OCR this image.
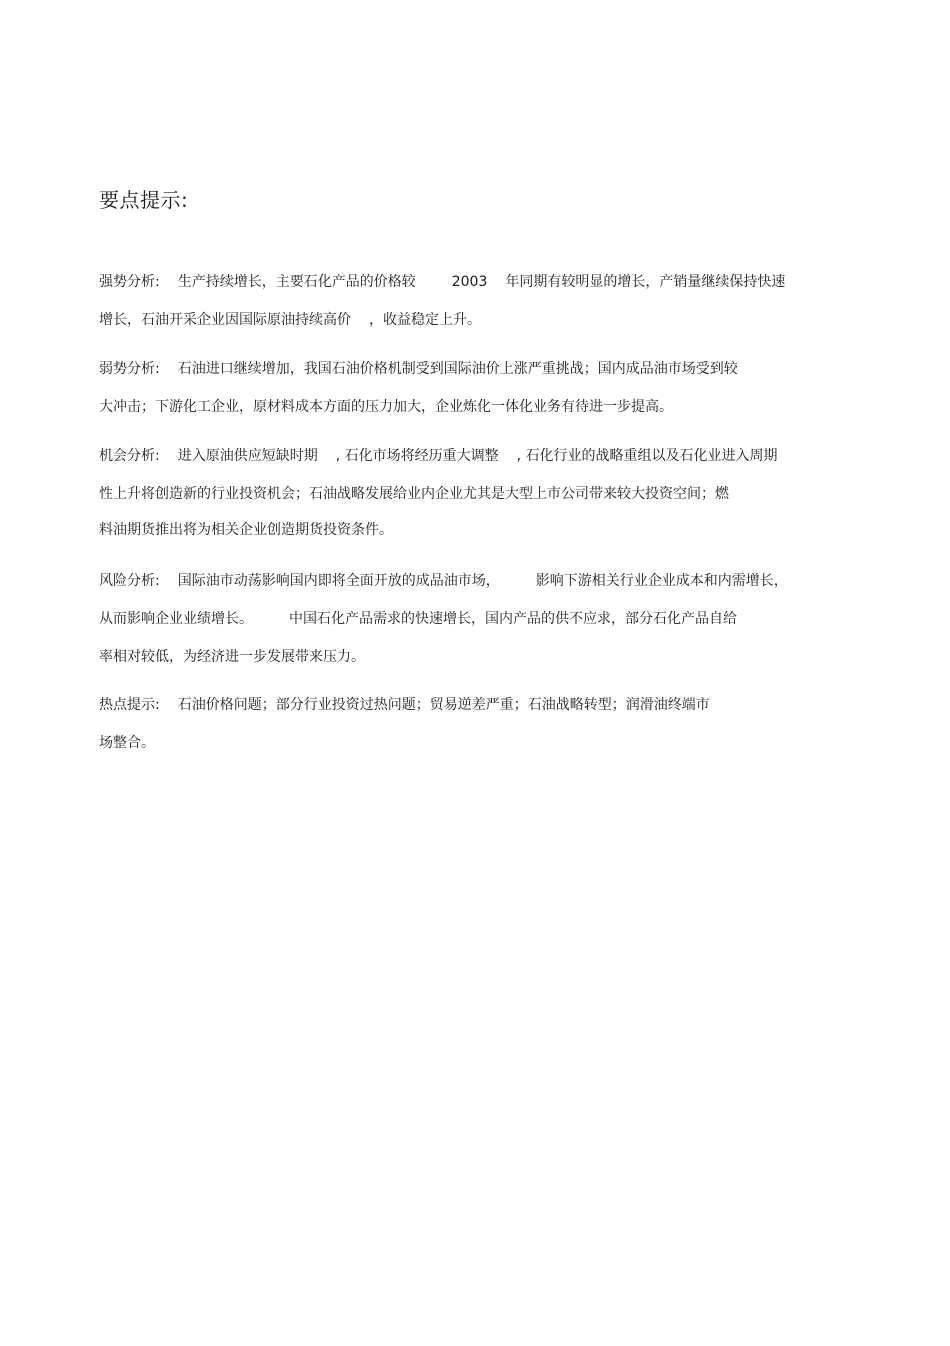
要点提示:
强势分析: 生产持续增长，主要石化产品的价格较	2003 年同期有较明显的增长，产销量继续保持快速
增长，石油开采企业因国际原油持续高价 ，收益稳定上升。
弱势分析: 石油进口继续增加，我国石油价格机制受到国际油价上涨严重挑战；国内成品油市场受到较
大冲击；下游化工企业，原材料成本方面的压力加大，企业炼化一体化业务有待进一步提高。
机会分析: 进入原油供应短缺时期 , 石化市场将经历重大调整 , 石化行业的战略重组以及石化业进入周期
性上升将创造新的行业投资机会；石油战略发展给业内企业尤其是大型上市公司带来较大投资空间；燃
料油期货推出将为相关企业创造期货投资条件。
风险分析: 国际油市动荡影响国内即将全面开放的成品油市场，	影响下游相关行业企业成本和内需增长，
从而影响企业业绩增长。	中国石化产品需求的快速增长，国内产品的供不应求，部分石化产品自给
率相对较低，为经济进一步发展带来压力。
热点提示: 石油价格问题；部分行业投资过热问题；贸易逆差严重；石油战略转型；润滑油终端市
场整合。
